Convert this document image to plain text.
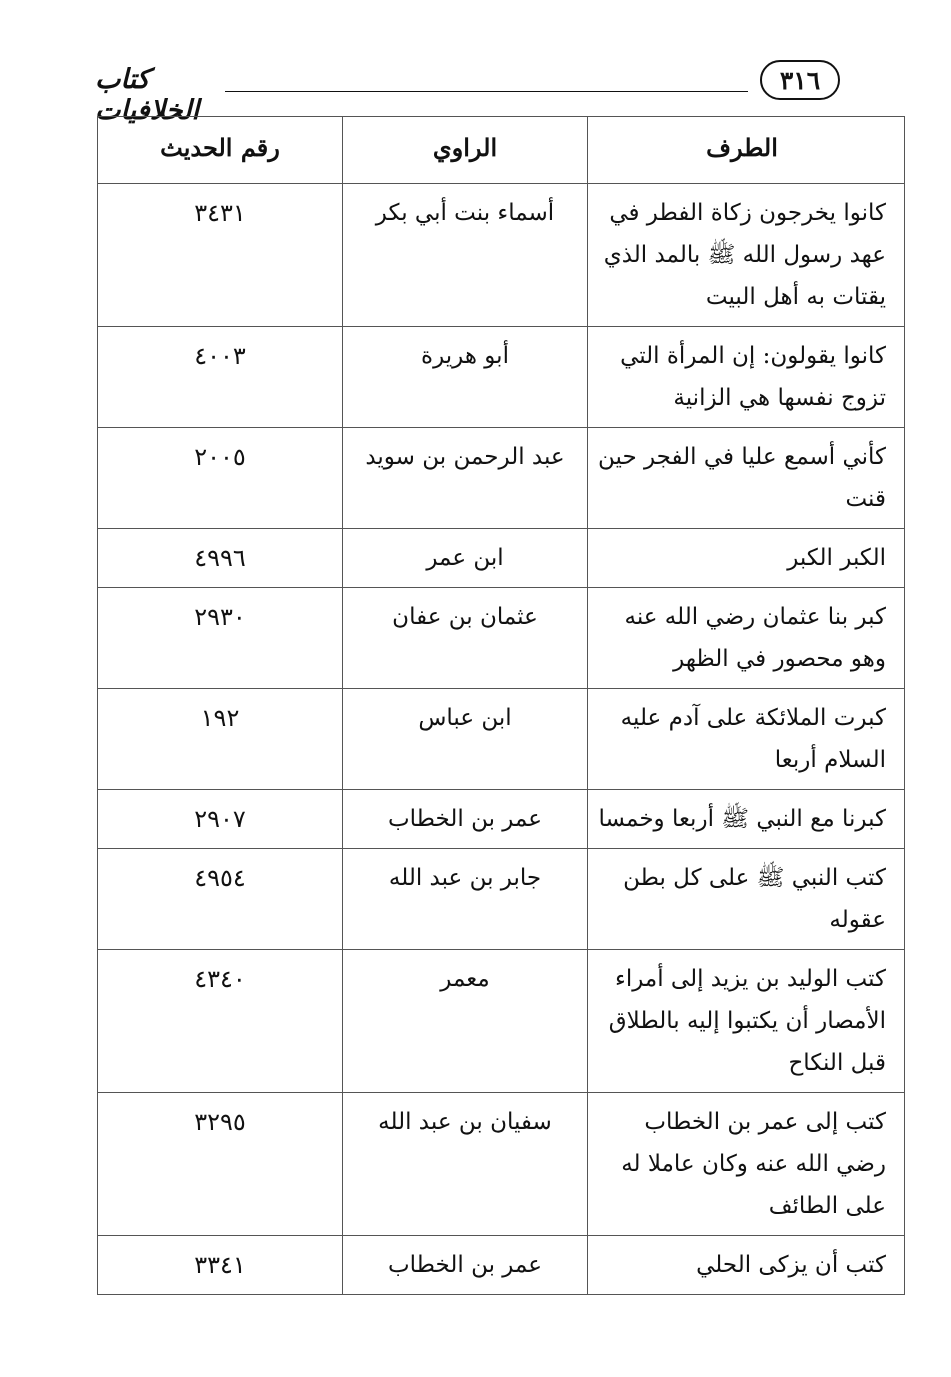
٣١٦
كتاب الخلافيات
الطرف	الراوي	رقم الحديث
كانوا يخرجون زكاة الفطر في عهد رسول الله ﷺ بالمد الذي يقتات به أهل البيت	أسماء بنت أبي بكر	٣٤٣١
كانوا يقولون: إن المرأة التي تزوج نفسها هي الزانية	أبو هريرة	٤٠٠٣
كأني أسمع عليا في الفجر حين قنت	عبد الرحمن بن سويد	٢٠٠٥
الكبر الكبر	ابن عمر	٤٩٩٦
كبر بنا عثمان رضي الله عنه وهو محصور في الظهر	عثمان بن عفان	٢٩٣٠
كبرت الملائكة على آدم عليه السلام أربعا	ابن عباس	١٩٢
كبرنا مع النبي ﷺ أربعا وخمسا	عمر بن الخطاب	٢٩٠٧
كتب النبي ﷺ على كل بطن عقوله	جابر بن عبد الله	٤٩٥٤
كتب الوليد بن يزيد إلى أمراء الأمصار أن يكتبوا إليه بالطلاق قبل النكاح	معمر	٤٣٤٠
كتب إلى عمر بن الخطاب رضي الله عنه وكان عاملا له على الطائف	سفيان بن عبد الله	٣٢٩٥
كتب أن يزكى الحلي	عمر بن الخطاب	٣٣٤١
